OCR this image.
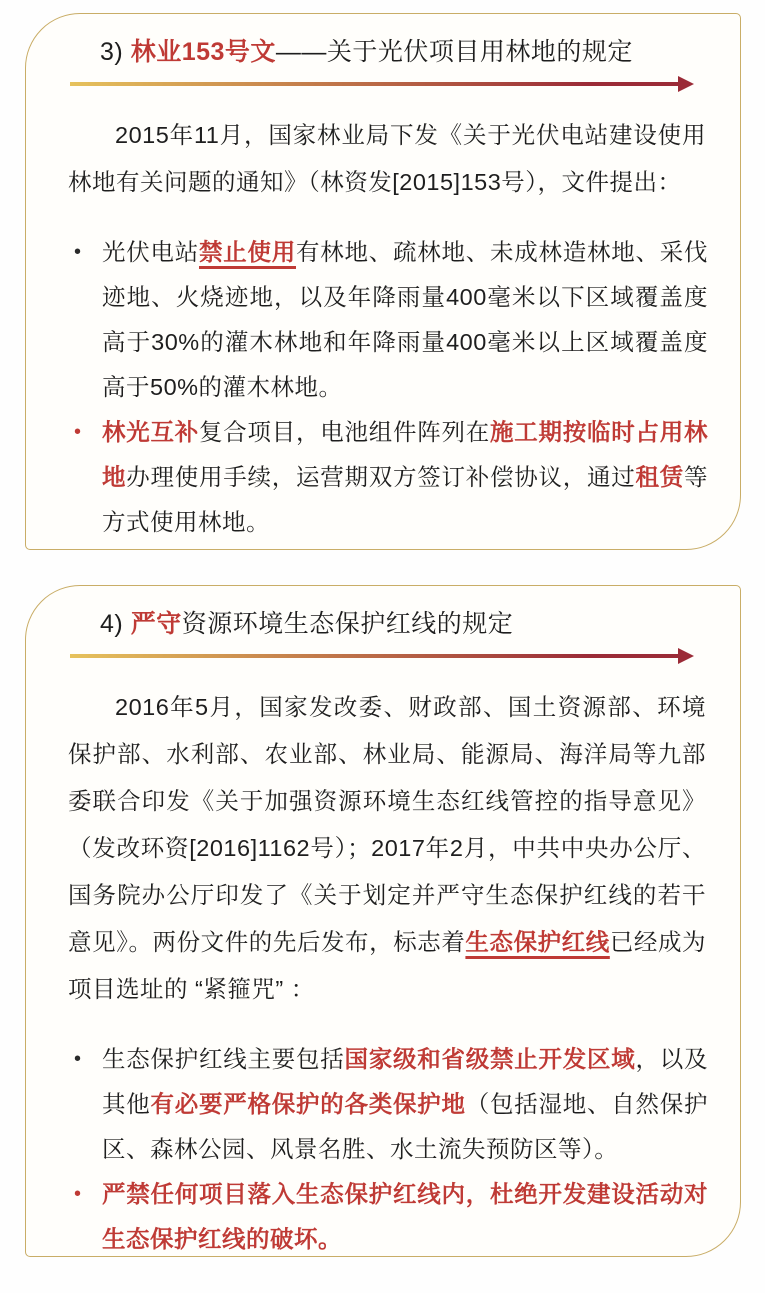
3) 林业153号文——关于光伏项目用林地的规定
2015年11月，国家林业局下发《关于光伏电站建设使用林地有关问题的通知》（林资发[2015]153号），文件提出：
• 光伏电站禁止使用有林地、疏林地、未成林造林地、采伐迹地、火烧迹地，以及年降雨量400毫米以下区域覆盖度高于30%的灌木林地和年降雨量400毫米以上区域覆盖度高于50%的灌木林地。
• 林光互补复合项目，电池组件阵列在施工期按临时占用林地办理使用手续，运营期双方签订补偿协议，通过租赁等方式使用林地。
4) 严守资源环境生态保护红线的规定
2016年5月，国家发改委、财政部、国土资源部、环境保护部、水利部、农业部、林业局、能源局、海洋局等九部委联合印发《关于加强资源环境生态红线管控的指导意见》（发改环资[2016]1162号）；2017年2月，中共中央办公厅、国务院办公厅印发了《关于划定并严守生态保护红线的若干意见》。两份文件的先后发布，标志着生态保护红线已经成为项目选址的 “紧箍咒” ：
• 生态保护红线主要包括国家级和省级禁止开发区域，以及其他有必要严格保护的各类保护地（包括湿地、自然保护区、森林公园、风景名胜、水土流失预防区等）。
• 严禁任何项目落入生态保护红线内，杜绝开发建设活动对生态保护红线的破坏。
